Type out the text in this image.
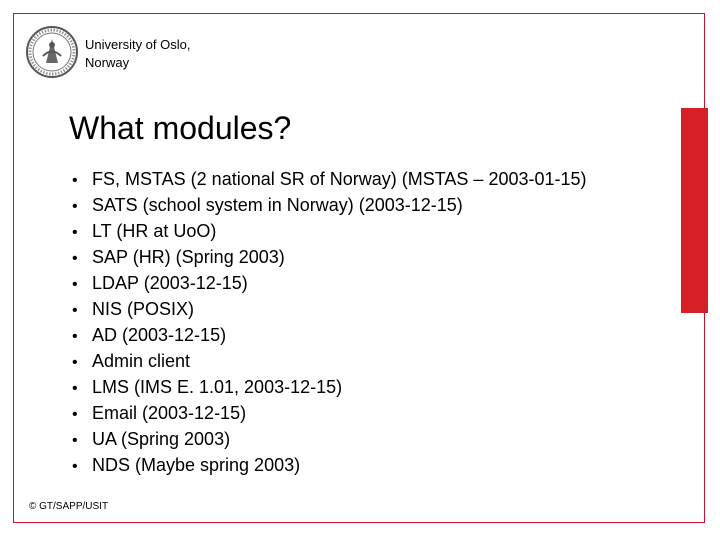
University of Oslo,
Norway
What modules?
• FS, MSTAS (2 national SR of Norway) (MSTAS – 2003-01-15)
• SATS (school system in Norway) (2003-12-15)
• LT (HR at UoO)
• SAP (HR) (Spring 2003)
• LDAP (2003-12-15)
• NIS (POSIX)
• AD (2003-12-15)
• Admin client
• LMS (IMS E. 1.01, 2003-12-15)
• Email (2003-12-15)
• UA (Spring 2003)
• NDS (Maybe spring 2003)
© GT/SAPP/USIT
